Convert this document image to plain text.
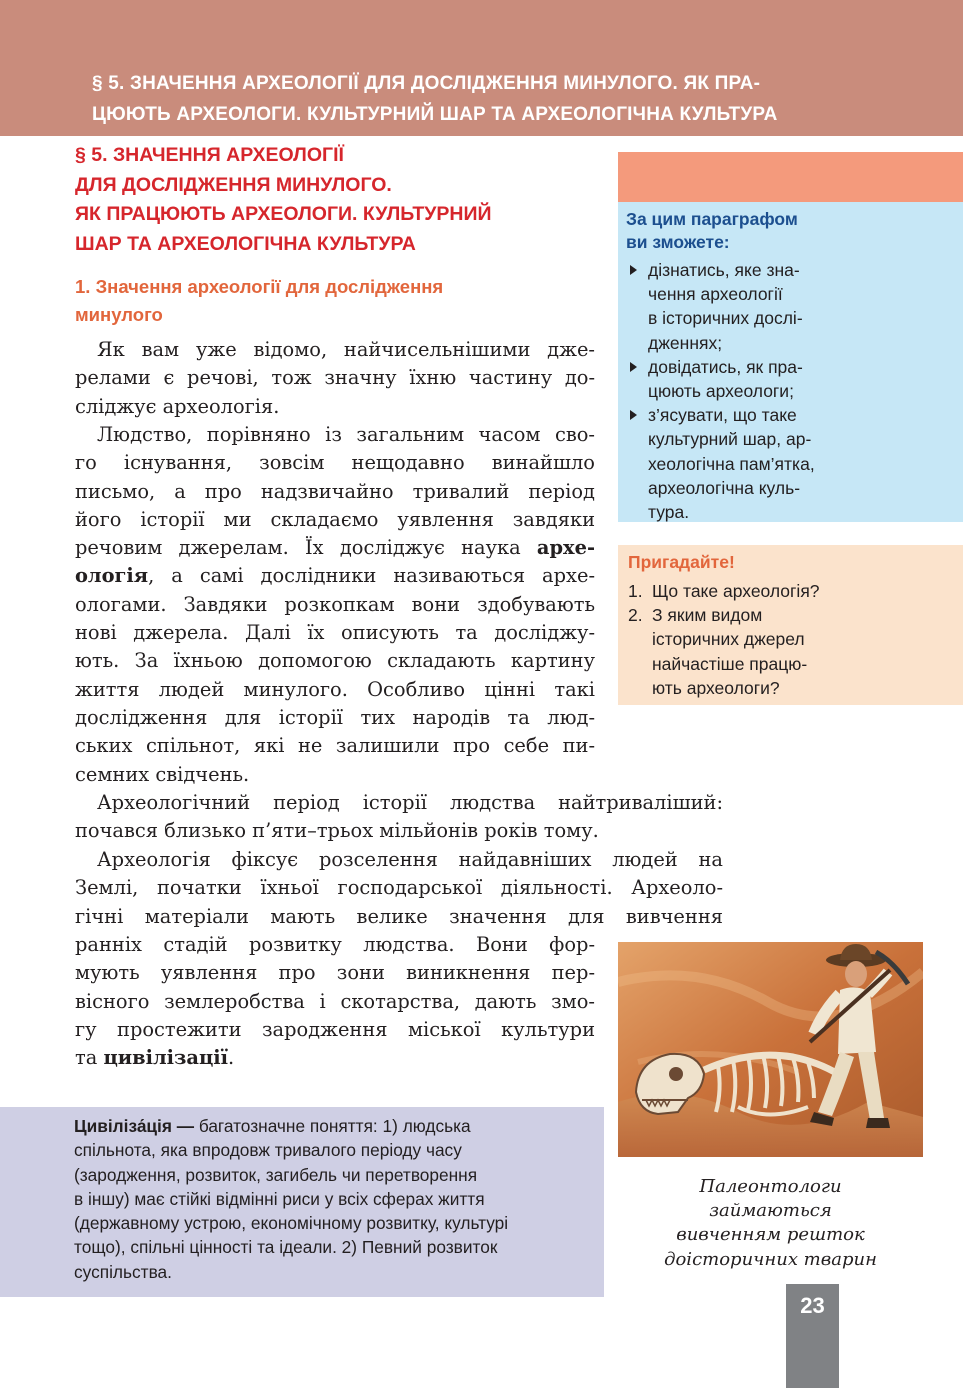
§ 5. ЗНАЧЕННЯ АРХЕОЛОГІЇ ДЛЯ ДОСЛІДЖЕННЯ МИНУЛОГО. ЯК ПРА-
ЦЮЮТЬ АРХЕОЛОГИ. КУЛЬТУРНИЙ ШАР ТА АРХЕОЛОГІЧНА КУЛЬТУРА
§ 5. ЗНАЧЕННЯ АРХЕОЛОГІЇ
ДЛЯ ДОСЛІДЖЕННЯ МИНУЛОГО.
ЯК ПРАЦЮЮТЬ АРХЕОЛОГИ. КУЛЬТУРНИЙ
ШАР ТА АРХЕОЛОГІЧНА КУЛЬТУРА
1. Значення археології для дослідження
минулого
Як вам уже відомо, найчисельнішими дже-
релами є речові, тож значну їхню частину до-
сліджує археологія.
Людство, порівняно із загальним часом сво-
го існування, зовсім нещодавно винайшло
письмо, а про надзвичайно тривалий період
його історії ми складаємо уявлення завдяки
речовим джерелам. Їх досліджує наука архе-
ологія, а самі дослідники називаються архе-
ологами. Завдяки розкопкам вони здобувають
нові джерела. Далі їх описують та досліджу-
ють. За їхньою допомогою складають картину
життя людей минулого. Особливо цінні такі
дослідження для історії тих народів та люд-
ських спільнот, які не залишили про себе пи-
семних свідчень.
Археологічний період історії людства найтриваліший:
почався близько п’яти–трьох мільйонів років тому.
Археологія фіксує розселення найдавніших людей на
Землі, початки їхньої господарської діяльності. Археоло-
гічні матеріали мають велике значення для вивчення
ранніх стадій розвитку людства. Вони фор-
мують уявлення про зони виникнення пер-
вісного землеробства і скотарства, дають змо-
гу простежити зародження міської культури
та цивілізації.
За цим параграфом
ви зможете:
дізнатись, яке зна-
чення археології
в історичних дослі-
дженнях;
довідатись, як пра-
цюють археологи;
з’ясувати, що таке
культурний шар, ар-
хеологічна пам’ятка,
археологічна куль-
тура.
Пригадайте!
1. Що таке археологія?
2. З яким видом
історичних джерел
найчастіше працю-
ють археологи?
Палеонтологи
займаються
вивченням решток
доісторичних тварин
Цивіліза́ція — багатозначне поняття: 1) людська
спільнота, яка впродовж тривалого періоду часу
(зародження, розвиток, загибель чи перетворення
в іншу) має стійкі відмінні риси у всіх сферах життя
(державному устрою, економічному розвитку, культурі
тощо), спільні цінності та ідеали. 2) Певний розвиток
суспільства.
23
